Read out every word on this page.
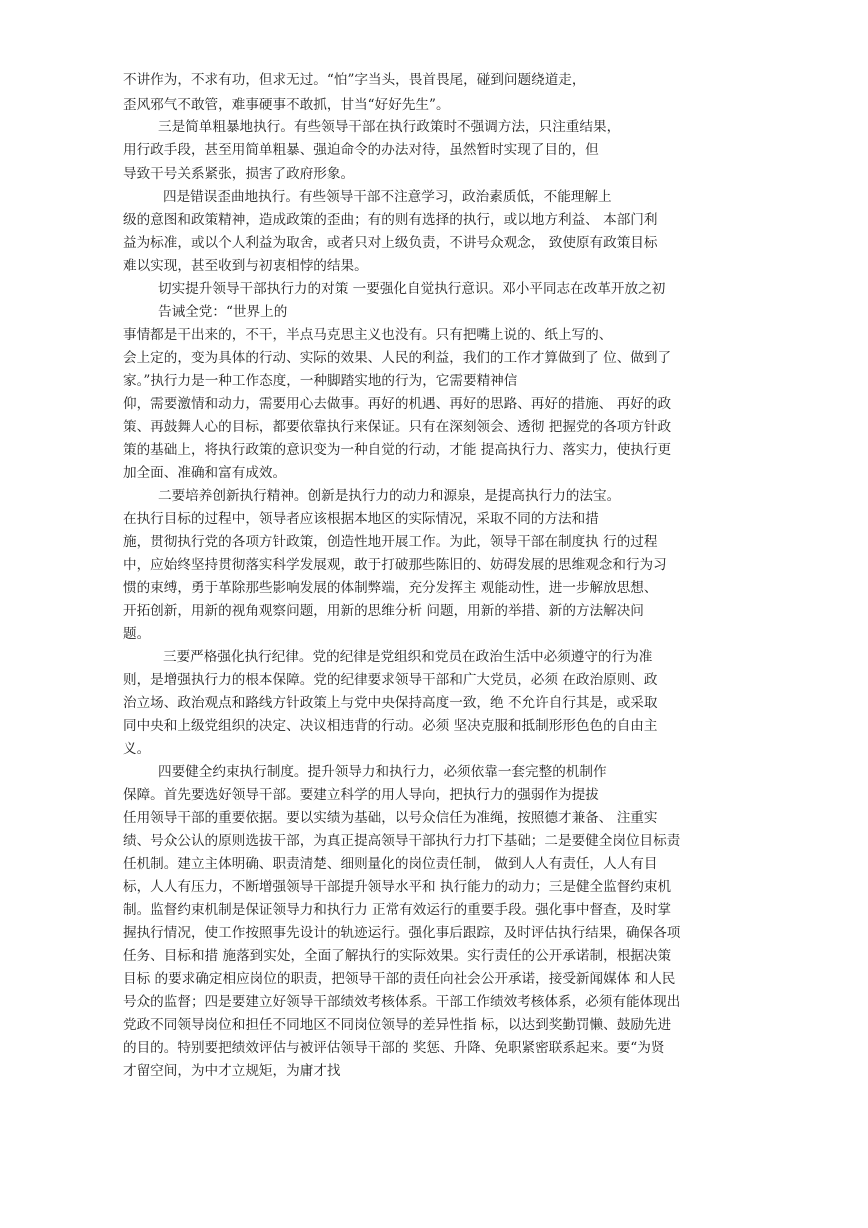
不讲作为，不求有功，但求无过。“怕”字当头，畏首畏尾，碰到问题绕道走，
歪风邪气不敢管，难事硬事不敢抓，甘当“好好先生”。
三是简单粗暴地执行。有些领导干部在执行政策时不强调方法，只注重结果，
用行政手段，甚至用简单粗暴、强迫命令的办法对待，虽然暂时实现了目的，但
导致干号关系紧张，损害了政府形象。
四是错误歪曲地执行。有些领导干部不注意学习，政治素质低，不能理解上
级的意图和政策精神，造成政策的歪曲；有的则有选择的执行，或以地方利益、 本部门利
益为标准，或以个人利益为取舍，或者只对上级负责，不讲号众观念， 致使原有政策目标
难以实现，甚至收到与初衷相悖的结果。
切实提升领导干部执行力的对策 一要强化自觉执行意识。邓小平同志在改革开放之初
告诫全党：“世界上的
事情都是干出来的，不干，半点马克思主义也没有。只有把嘴上说的、纸上写的、
会上定的，变为具体的行动、实际的效果、人民的利益，我们的工作才算做到了 位、做到了
家。”执行力是一种工作态度，一种脚踏实地的行为，它需要精神信
仰，需要激情和动力，需要用心去做事。再好的机遇、再好的思路、再好的措施、 再好的政
策、再鼓舞人心的目标，都要依靠执行来保证。只有在深刻领会、透彻 把握党的各项方针政
策的基础上，将执行政策的意识变为一种自觉的行动，才能 提高执行力、落实力，使执行更
加全面、准确和富有成效。
二要培养创新执行精神。创新是执行力的动力和源泉，是提高执行力的法宝。
在执行目标的过程中，领导者应该根据本地区的实际情况，采取不同的方法和措
施，贯彻执行党的各项方针政策，创造性地开展工作。为此，领导干部在制度执 行的过程
中，应始终坚持贯彻落实科学发展观，敢于打破那些陈旧的、妨碍发展的思维观念和行为习
惯的束缚，勇于革除那些影响发展的体制弊端，充分发挥主 观能动性，进一步解放思想、
开拓创新，用新的视角观察问题，用新的思维分析 问题，用新的举措、新的方法解决问
题。
三要严格强化执行纪律。党的纪律是党组织和党员在政治生活中必须遵守的行为准
则，是增强执行力的根本保障。党的纪律要求领导干部和广大党员，必须 在政治原则、政
治立场、政治观点和路线方针政策上与党中央保持高度一致，绝 不允许自行其是，或采取
同中央和上级党组织的决定、决议相违背的行动。必须 坚决克服和抵制形形色色的自由主
义。
四要健全约束执行制度。提升领导力和执行力，必须依靠一套完整的机制作
保障。首先要选好领导干部。要建立科学的用人导向，把执行力的强弱作为提拔
任用领导干部的重要依据。要以实绩为基础，以号众信任为准绳，按照德才兼备、 注重实
绩、号众公认的原则选拔干部，为真正提高领导干部执行力打下基础；二是要健全岗位目标责
任机制。建立主体明确、职责清楚、细则量化的岗位责任制， 做到人人有责任，人人有目
标，人人有压力，不断增强领导干部提升领导水平和 执行能力的动力；三是健全监督约束机
制。监督约束机制是保证领导力和执行力 正常有效运行的重要手段。强化事中督查，及时掌
握执行情况，使工作按照事先设计的轨迹运行。强化事后跟踪，及时评估执行结果，确保各项
任务、目标和措 施落到实处，全面了解执行的实际效果。实行责任的公开承诺制，根据决策
目标 的要求确定相应岗位的职责，把领导干部的责任向社会公开承诺，接受新闻媒体 和人民
号众的监督；四是要建立好领导干部绩效考核体系。干部工作绩效考核体系，必须有能体现出
党政不同领导岗位和担任不同地区不同岗位领导的差异性指 标，以达到奖勤罚懒、鼓励先进
的目的。特别要把绩效评估与被评估领导干部的 奖惩、升降、免职紧密联系起来。要“为贤
才留空间，为中才立规矩，为庸才找
